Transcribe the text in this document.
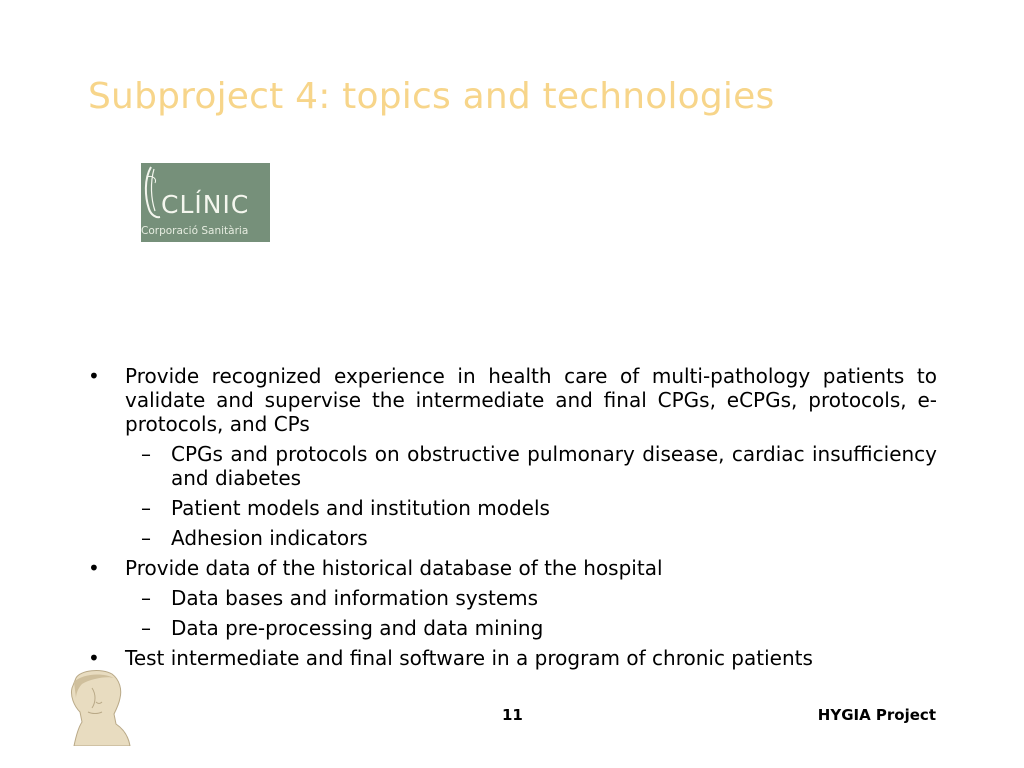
Subproject 4: topics and technologies
CLÍNIC
Corporació Sanitària
• Provide recognized experience in health care of multi-pathology patients to validate and supervise the intermediate and final CPGs, eCPGs, protocols, e-protocols, and CPs
– CPGs and protocols on obstructive pulmonary disease, cardiac insufficiency and diabetes
– Patient models and institution models
– Adhesion indicators
• Provide data of the historical database of the hospital
– Data bases and information systems
– Data pre-processing and data mining
• Test intermediate and final software in a program of chronic patients
11	HYGIA Project
